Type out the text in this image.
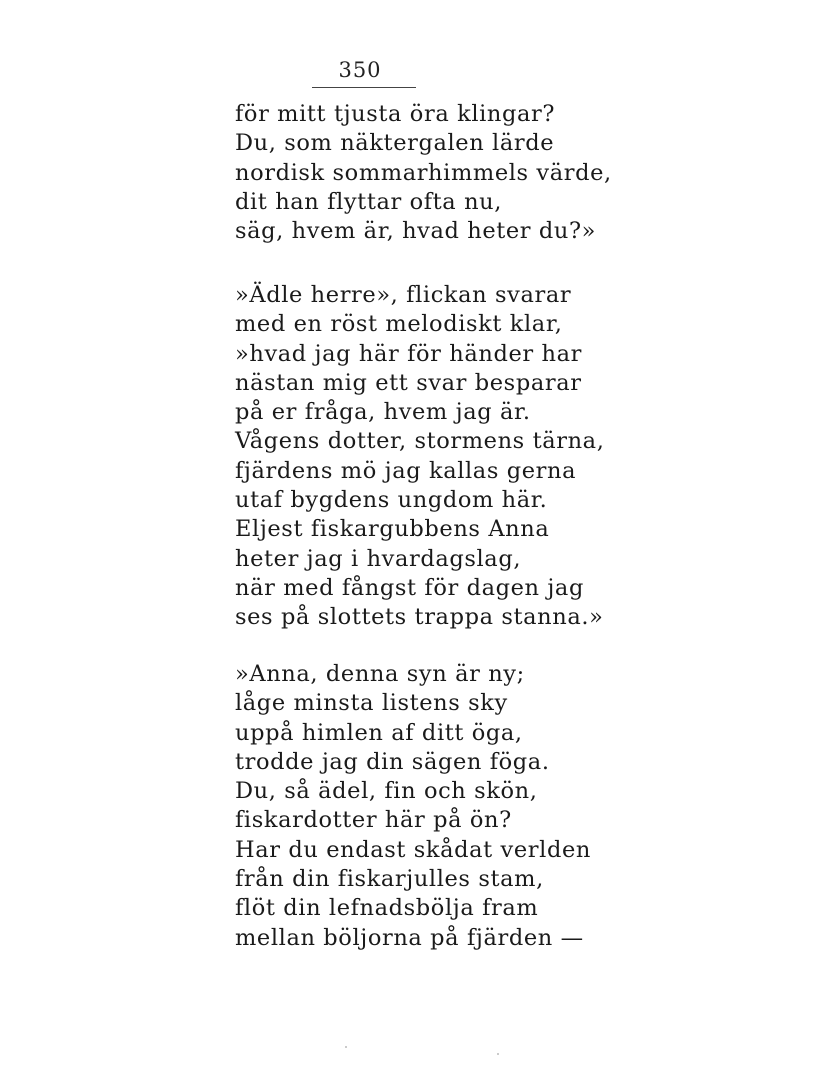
350
för mitt tjusta öra klingar?
Du, som näktergalen lärde
nordisk sommarhimmels värde,
dit han flyttar ofta nu,
säg, hvem är, hvad heter du?»
»Ädle herre», flickan svarar
med en röst melodiskt klar,
»hvad jag här för händer har
nästan mig ett svar besparar
på er fråga, hvem jag är.
Vågens dotter, stormens tärna,
fjärdens mö jag kallas gerna
utaf bygdens ungdom här.
Eljest fiskargubbens Anna
heter jag i hvardagslag,
när med fångst för dagen jag
ses på slottets trappa stanna.»
»Anna, denna syn är ny;
låge minsta listens sky
uppå himlen af ditt öga,
trodde jag din sägen föga.
Du, så ädel, fin och skön,
fiskardotter här på ön?
Har du endast skådat verlden
från din fiskarjulles stam,
flöt din lefnadsbölja fram
mellan böljorna på fjärden —
